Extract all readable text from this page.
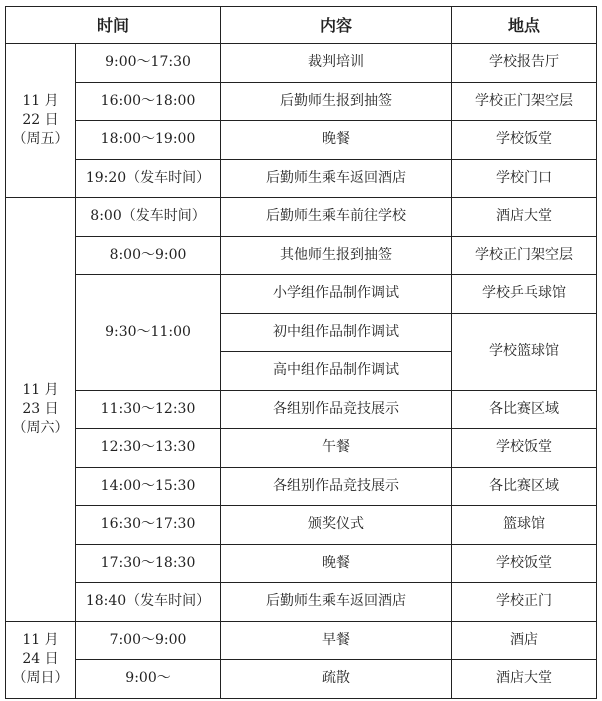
时间		内容	地点

11 月
22 日
（周五）	9:00～17:30	裁判培训	学校报告厅
	16:00～18:00	后勤师生报到抽签	学校正门架空层
	18:00～19:00	晚餐	学校饭堂
	19:20（发车时间）	后勤师生乘车返回酒店	学校门口

11 月
23 日
（周六）	8:00（发车时间）	后勤师生乘车前往学校	酒店大堂
	8:00～9:00	其他师生报到抽签	学校正门架空层
	9:30～11:00	小学组作品制作调试	学校乒乓球馆
		初中组作品制作调试	学校篮球馆
		高中组作品制作调试	
	11:30～12:30	各组别作品竞技展示	各比赛区域
	12:30～13:30	午餐	学校饭堂
	14:00～15:30	各组别作品竞技展示	各比赛区域
	16:30～17:30	颁奖仪式	篮球馆
	17:30～18:30	晚餐	学校饭堂
	18:40（发车时间）	后勤师生乘车返回酒店	学校正门

11 月
24 日
（周日）	7:00～9:00	早餐	酒店
	9:00～	疏散	酒店大堂
